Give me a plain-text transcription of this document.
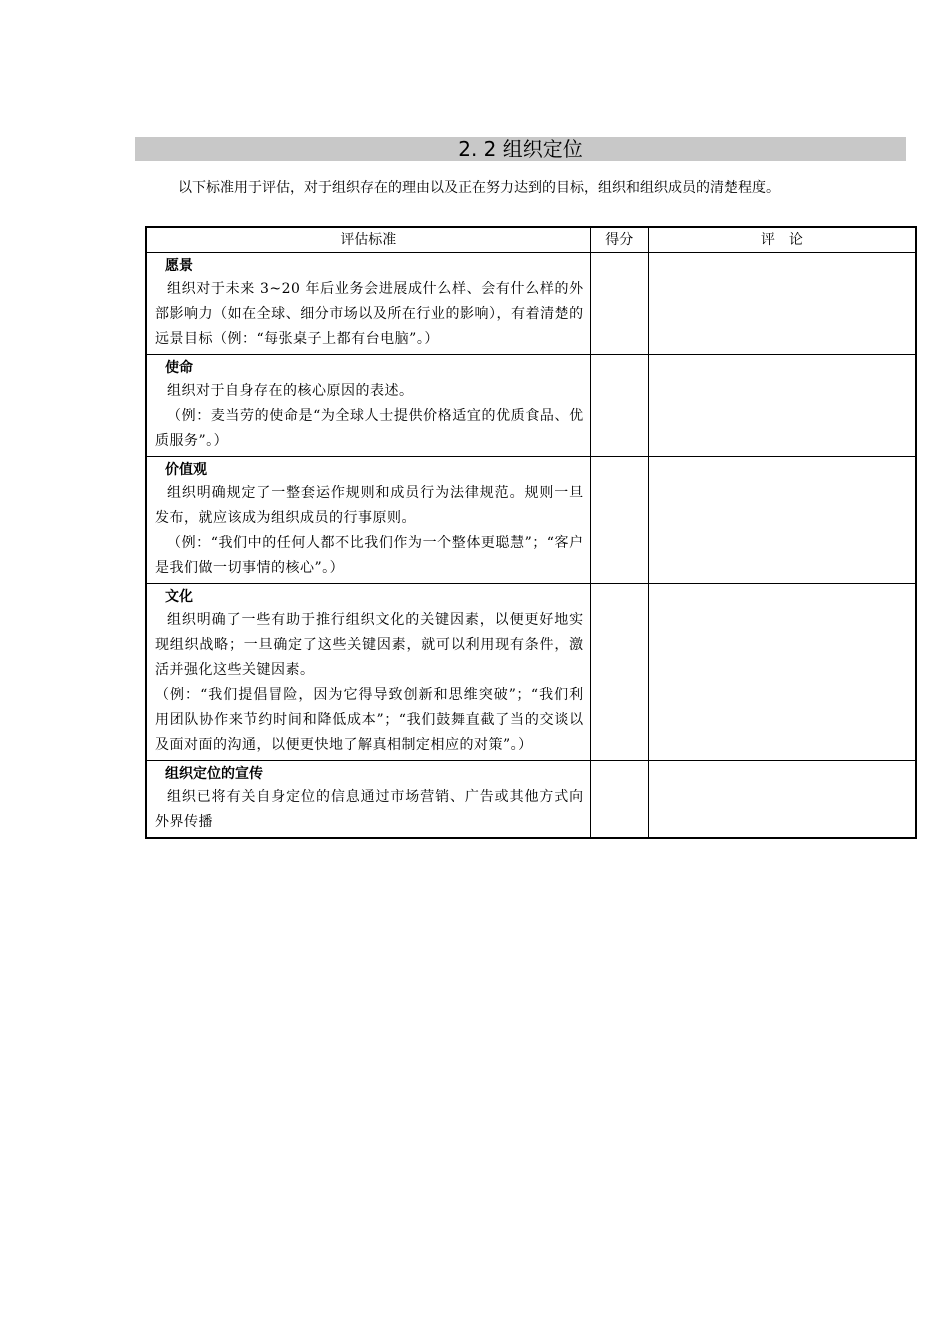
2. 2 组织定位
以下标准用于评估，对于组织存在的理由以及正在努力达到的目标，组织和组织成员的清楚程度。
评估标准	得分	评　论

愿景
组织对于未来 3~20 年后业务会进展成什么样、会有什么样的外部影响力（如在全球、细分市场以及所在行业的影响），有着清楚的远景目标（例：“每张桌子上都有台电脑”。）		

使命
组织对于自身存在的核心原因的表述。
（例：麦当劳的使命是“为全球人士提供价格适宜的优质食品、优质服务”。）		

价值观
组织明确规定了一整套运作规则和成员行为法律规范。规则一旦发布，就应该成为组织成员的行事原则。
（例：“我们中的任何人都不比我们作为一个整体更聪慧”；“客户是我们做一切事情的核心”。）		

文化
组织明确了一些有助于推行组织文化的关键因素，以便更好地实现组织战略；一旦确定了这些关键因素，就可以利用现有条件，激活并强化这些关键因素。
（例：“我们提倡冒险，因为它得导致创新和思维突破”；“我们利用团队协作来节约时间和降低成本”；“我们鼓舞直截了当的交谈以及面对面的沟通，以便更快地了解真相制定相应的对策”。）		

组织定位的宣传
组织已将有关自身定位的信息通过市场营销、广告或其他方式向外界传播		
